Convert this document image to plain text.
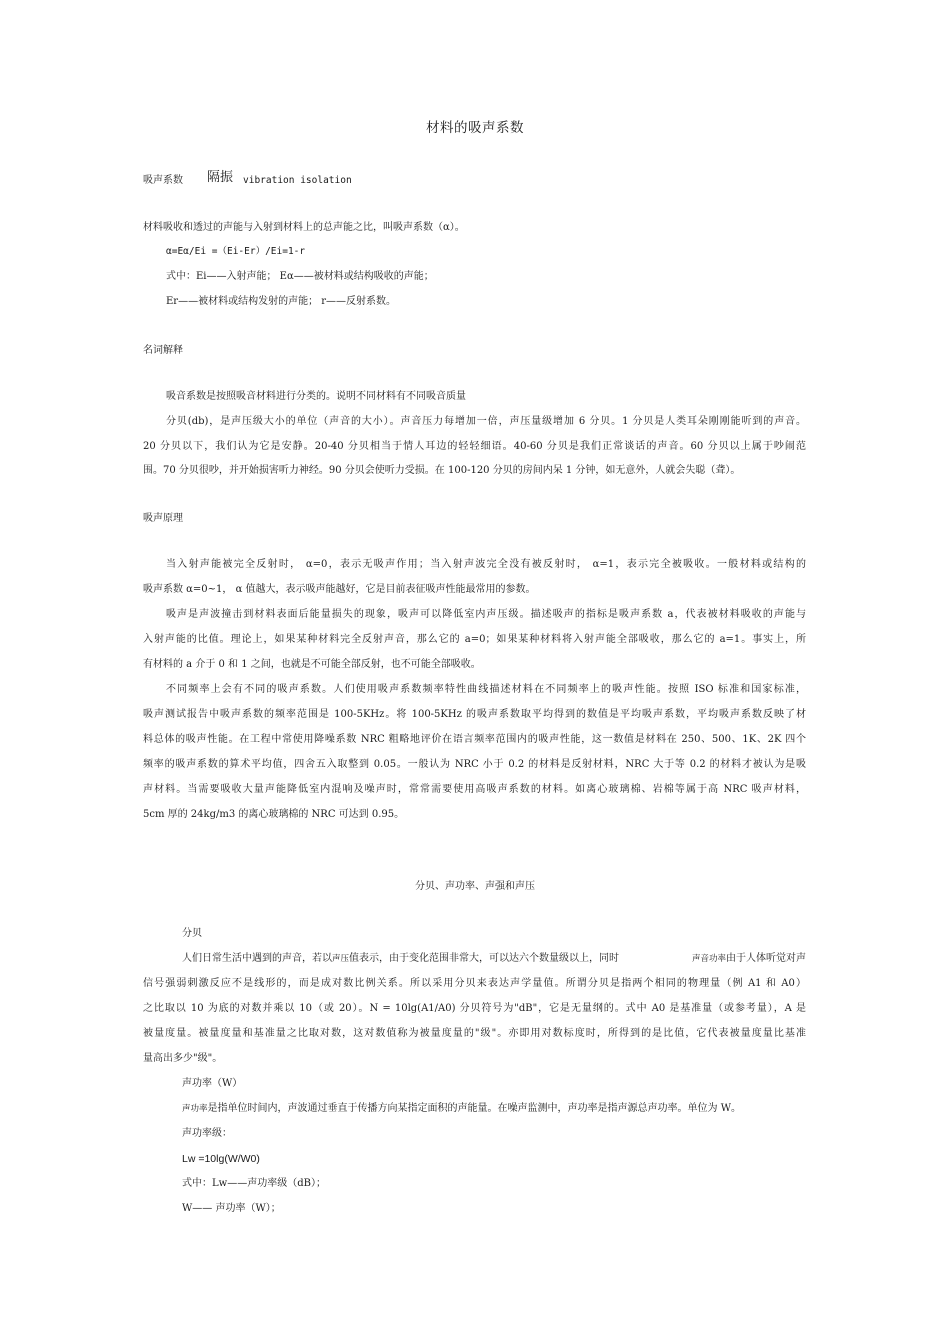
材料的吸声系数
吸声系数 隔振 vibration isolation
材料吸收和透过的声能与入射到材料上的总声能之比，叫吸声系数（α）。
α=Eα/Ei =（Ei-Er）/Ei=1-r
式中：Ei——入射声能； Eα——被材料或结构吸收的声能；
Er——被材料或结构发射的声能； r——反射系数。
名词解释
吸音系数是按照吸音材料进行分类的。说明不同材料有不同吸音质量
分贝(db)，是声压级大小的单位（声音的大小）。声音压力每增加一倍，声压量级增加 6 分贝。1 分贝是人类耳朵刚刚能听到的声音。
20 分贝以下，我们认为它是安静。20-40 分贝相当于情人耳边的轻轻细语。40-60 分贝是我们正常谈话的声音。60 分贝以上属于吵闹范
围。70 分贝很吵，并开始损害听力神经。90 分贝会使听力受损。在 100-120 分贝的房间内呆 1 分钟，如无意外，人就会失聪（聋）。
吸声原理
当入射声能被完全反射时， α=0，表示无吸声作用；当入射声波完全没有被反射时， α=1，表示完全被吸收。一般材料或结构的
吸声系数 α=0~1， α 值越大，表示吸声能越好，它是目前表征吸声性能最常用的参数。
吸声是声波撞击到材料表面后能量损失的现象，吸声可以降低室内声压级。描述吸声的指标是吸声系数 a，代表被材料吸收的声能与
入射声能的比值。理论上，如果某种材料完全反射声音，那么它的 a=0；如果某种材料将入射声能全部吸收，那么它的 a=1。事实上，所
有材料的 a 介于 0 和 1 之间，也就是不可能全部反射，也不可能全部吸收。
不同频率上会有不同的吸声系数。人们使用吸声系数频率特性曲线描述材料在不同频率上的吸声性能。按照 ISO 标准和国家标准，
吸声测试报告中吸声系数的频率范围是 100-5KHz。将 100-5KHz 的吸声系数取平均得到的数值是平均吸声系数，平均吸声系数反映了材
料总体的吸声性能。在工程中常使用降噪系数 NRC 粗略地评价在语言频率范围内的吸声性能，这一数值是材料在 250、500、1K、2K 四个
频率的吸声系数的算术平均值，四舍五入取整到 0.05。一般认为 NRC 小于 0.2 的材料是反射材料，NRC 大于等 0.2 的材料才被认为是吸
声材料。当需要吸收大量声能降低室内混响及噪声时，常常需要使用高吸声系数的材料。如离心玻璃棉、岩棉等属于高 NRC 吸声材料，
5cm 厚的 24kg/m3 的离心玻璃棉的 NRC 可达到 0.95。
分贝、声功率、声强和声压
分贝
人们日常生活中遇到的声音，若以声压值表示，由于变化范围非常大，可以达六个数量级以上，同时	声音功率由于人体听觉对声
信号强弱刺激反应不是线形的，而是成对数比例关系。所以采用分贝来表达声学量值。所谓分贝是指两个相同的物理量（例 A1 和 A0）
之比取以 10 为底的对数并乘以 10（或 20）。N = 10lg(A1/A0) 分贝符号为"dB"，它是无量纲的。式中 A0 是基准量（或参考量），A 是
被量度量。被量度量和基准量之比取对数，这对数值称为被量度量的"级"。亦即用对数标度时，所得到的是比值，它代表被量度量比基准
量高出多少"级"。
声功率（W）
声功率是指单位时间内，声波通过垂直于传播方向某指定面积的声能量。在噪声监测中，声功率是指声源总声功率。单位为 W。
声功率级：
Lw =10lg(W/W0)
式中：Lw——声功率级（dB）；
W—— 声功率（W）；
